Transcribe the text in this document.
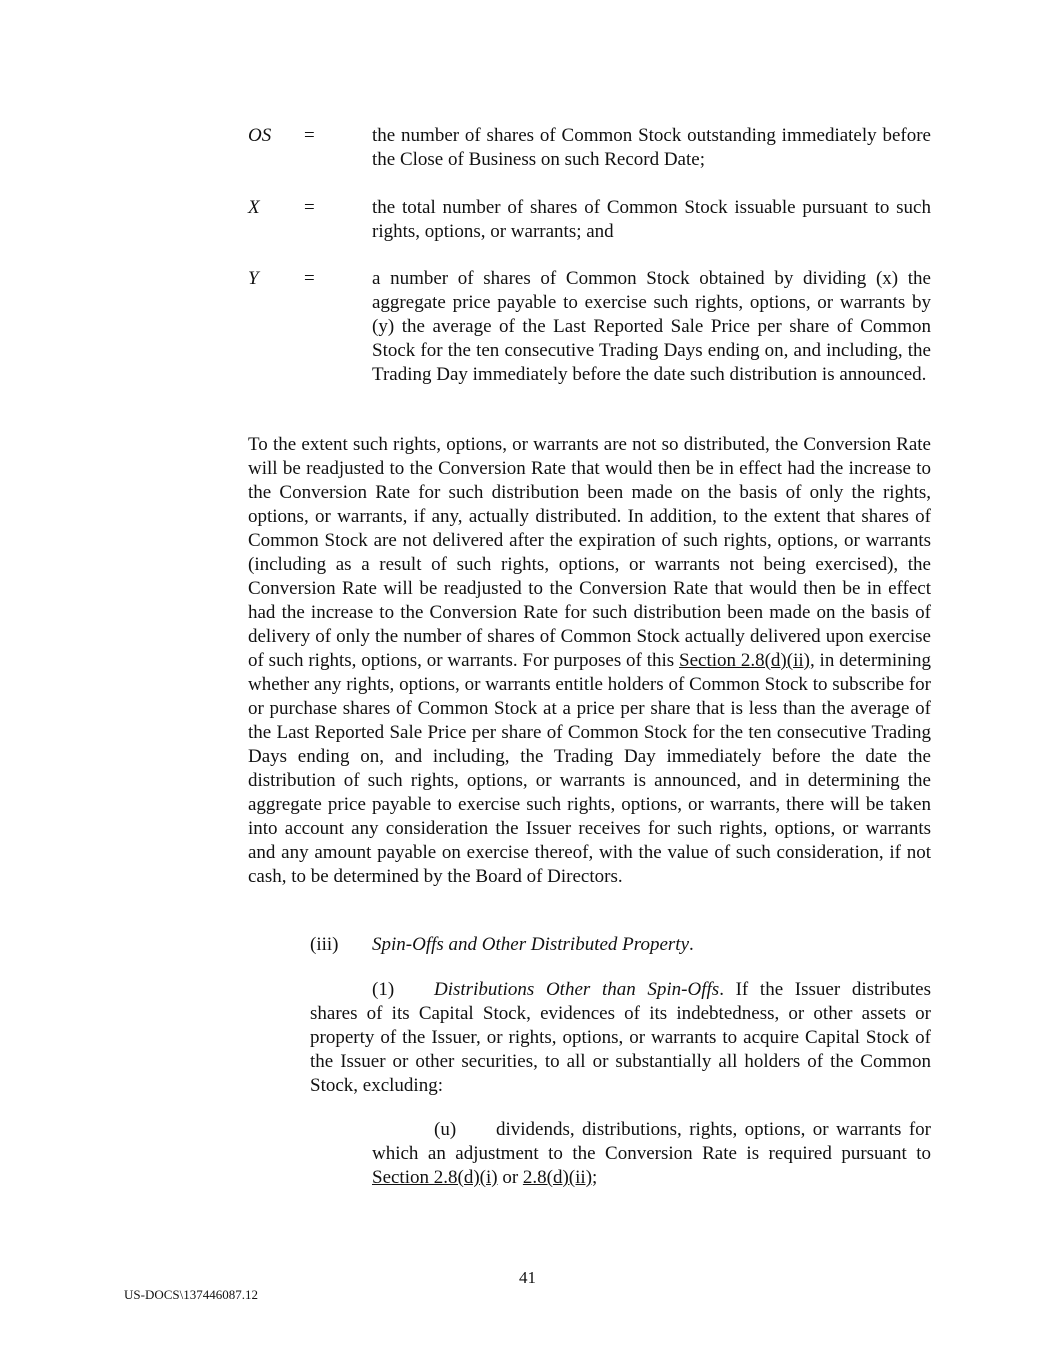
OS =	the number of shares of Common Stock outstanding immediately before the Close of Business on such Record Date;
X =	the total number of shares of Common Stock issuable pursuant to such rights, options, or warrants; and
Y =	a number of shares of Common Stock obtained by dividing (x) the aggregate price payable to exercise such rights, options, or warrants by (y) the average of the Last Reported Sale Price per share of Common Stock for the ten consecutive Trading Days ending on, and including, the Trading Day immediately before the date such distribution is announced.

To the extent such rights, options, or warrants are not so distributed, the Conversion Rate will be readjusted to the Conversion Rate that would then be in effect had the increase to the Conversion Rate for such distribution been made on the basis of only the rights, options, or warrants, if any, actually distributed. In addition, to the extent that shares of Common Stock are not delivered after the expiration of such rights, options, or warrants (including as a result of such rights, options, or warrants not being exercised), the Conversion Rate will be readjusted to the Conversion Rate that would then be in effect had the increase to the Conversion Rate for such distribution been made on the basis of delivery of only the number of shares of Common Stock actually delivered upon exercise of such rights, options, or warrants. For purposes of this Section 2.8(d)(ii), in determining whether any rights, options, or warrants entitle holders of Common Stock to subscribe for or purchase shares of Common Stock at a price per share that is less than the average of the Last Reported Sale Price per share of Common Stock for the ten consecutive Trading Days ending on, and including, the Trading Day immediately before the date the distribution of such rights, options, or warrants is announced, and in determining the aggregate price payable to exercise such rights, options, or warrants, there will be taken into account any consideration the Issuer receives for such rights, options, or warrants and any amount payable on exercise thereof, with the value of such consideration, if not cash, to be determined by the Board of Directors.

(iii) Spin-Offs and Other Distributed Property.

(1) Distributions Other than Spin-Offs. If the Issuer distributes shares of its Capital Stock, evidences of its indebtedness, or other assets or property of the Issuer, or rights, options, or warrants to acquire Capital Stock of the Issuer or other securities, to all or substantially all holders of the Common Stock, excluding:

(u) dividends, distributions, rights, options, or warrants for which an adjustment to the Conversion Rate is required pursuant to Section 2.8(d)(i) or 2.8(d)(ii);

41
US-DOCS\137446087.12
